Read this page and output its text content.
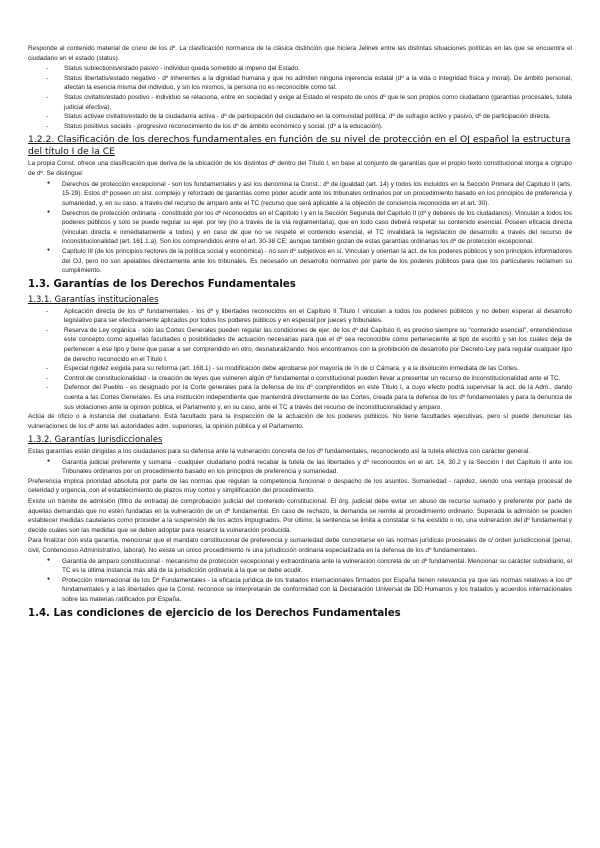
Responde al contenido material de c/uno de los dº. La clasificación normanca de la clásica distinción que hiciera Jelinek entre las distintas situaciones políticas en las que se encuentra el ciudadano en el estado (status).

- Status subiectionis/estado pasivo - individuo queda sometido al imperio del Estado.
- Status libertatis/estado negativo - dº inherentes a la dignidad humana y que no admiten ninguna injerencia estatal (dº a la vida o integridad física y moral). De ámbito personal, afectan la esencia misma del individuo, y sin los mismos, la persona no es reconocible como tal.
- Status civitatis/estado positivo - individuo se relaciona, entre en sociedad y exige al Estado el respeto de unos dº que le son propios como ciudadano (garantías procesales, tutela judicial efectiva).
- Status activae civitatis/estado de la ciudadanía activa - dº de participación del ciudadano en la comunidad política: dº de sufragio activo y pasivo, dº de participación directa.
- Status positivus socialis - progresivo reconocimiento de los dº de ámbito económico y social. (dº a la educación).
1.2.2. Clasificación de los derechos fundamentales en función de su nivel de protección en el OJ español la estructura del título I de la CE

La propia Const. ofrece una clasificación que deriva de la ubicación de los distintos dº dentro del Título I, en base al conjunto de garantías que el propio texto constitucional otorga a c/grupo de dº. Se distingue:

● Derechos de protección excepcional - son los fundamentales y así los denomina la Const.: dº de igualdad (art. 14) y todos los incluidos en la Sección Primera del Capítulo II (arts. 15-29). Estos dº poseen un sist. complejo y reforzado de garantías como poder acudir ante los tribunales ordinarios por un procedimiento basado en los principios de preferencia y sumariedad, y, en su caso, a través del recurso de amparo ante el TC (recurso que será aplicable a la objeción de conciencia reconocida en el art. 30).
● Derechos de protección ordinaria - constituido por los dº reconocidos en el Capítulo I y en la Sección Segunda del Capítulo II (dº y deberes de los ciudadanos). Vinculan a todos los poderes públicos y solo se puede regular su ejer. por ley (no a través de la vía reglamentaria), que en todo caso deberá respetar su contenido esencial. Poseen eficacia directa (vinculan directa e inmediatamente a todos) y en caso de que no se respete el contenido esencial, el TC invalidará la legislación de desarrollo a través del recurso de inconstitucionalidad (art. 161.1.a). Son los comprendidos entre el art. 30-38 CE; aunque también gozan de estas garantías ordinarias los dº de protección excepcional.
● Capítulo III (de los principios rectores de la política social y económica) - no son dº subjetivos en sí. Vinculan y orientan la act. de los poderes públicos y son principios informadores del OJ, pero no son apelables directamente ante los tribunales. Es necesario un desarrollo normativo por parte de los poderes públicos para que los particulares reclamen su cumplimiento.
1.3. Garantías de los Derechos Fundamentales
1.3.1. Garantías institucionales
- Aplicación directa de los dº fundamentales - los dº y libertades reconocidos en el Capítulo II Título I vinculan a todos los poderes públicos y no deben esperar al desarrollo legislativo para ser efectivamente aplicados por todos los poderes públicos y en especial por jueces y tribunales.
- Reserva de Ley orgánica - sólo las Cortes Generales pueden regular las condiciones de ejer. de los dº del Capítulo II, es preciso siempre su "contenido esencial", entendiéndose este concepto como aquellas facultades o posibilidades de actuación necesarias para que el dº sea reconocible como perteneciente al tipo de escrito y sin los cuales deja de pertenecer a ese tipo y tiene que pasar a ser comprendido en otro, desnaturalizando. Nos encontramos con la prohibición de desarrollo por Decreto-Ley para regular cualquier tipo de derecho reconocido en el Título I.
- Especial rigidez exigida para su reforma (art. 168.1) - su modificación debe aprobarse por mayoría de ⅔ de c/ Cámara, y a la disolución inmediata de las Cortes.
- Control de constitucionalidad - la creación de leyes que vulneren algún dº fundamental o constitucional pueden llevar a presentar un recurso de inconstitucionalidad ante el TC.
- Defensor del Pueblo - es designado por la Corte generales para la defensa de los dº comprendidos en este Título I, a cuyo efecto podrá supervisar la act. de la Adm., dando cuenta a las Cortes Generales. Es una institución independiente que mantendrá directamente de las Cortes, creada para la defensa de los dº fundamentales y para la denuncia de sus violaciones ante la opinión pública, el Parlamento y, en su caso, ante el TC a través del recurso de inconstitucionalidad y amparo.

Actúa de oficio o a instancia del ciudadano. Está facultado para la inspección de la actuación de los poderes públicos. No tiene facultades ejecutivas, pero sí puede denunciar las vulneraciones de los dº ante las autoridades adm. superiores, la opinión pública y el Parlamento.

1.3.2. Garantías Jurisdiccionales

Estas garantías están dirigidas a los ciudadanos para su defensa ante la vulneración concreta de los dº fundamentales, reconociendo así la tutela efectiva con carácter general.

● Garantía judicial preferente y sumaria - cualquier ciudadano podrá recabar la tutela de las libertades y dº reconocidos en el art. 14, 30.2 y la Sección I del Capítulo II ante los Tribunales ordinarios por un procedimiento basado en los principios de preferencia y sumariedad.

Preferencia implica prioridad absoluta por parte de las normas que regulan la competencia funcional o despacho de los asuntos. Sumariedad - rapidez, siendo una ventaja procesal de celeridad y urgencia, con el establecimiento de plazos muy cortos y simplificación del procedimiento.

Existe un trámite de admisión (filtro de entrada) de comprobación judicial del contenido constitucional. El órg. judicial debe evitar un abuso de recurso sumario y preferente por parte de aquellas demandas que no estén fundadas en la vulneración de un dº fundamental. En caso de rechazo, la demanda se remite al procedimiento ordinario. Superada la admisión se pueden establecer medidas cautelares como proceder a la suspensión de los actos impugnados. Por último, la sentencia se limita a constatar si ha existido o no, una vulneración del dº fundamental y decide cuáles son las medidas que se deben adoptar para resarcir la vulneración producida.

Para finalizar con esta garantía, mencionar que el mandato constitucional de preferencia y sumariedad debe concretarse en las normas jurídicas procesales de c/ orden jurisdiccional (penal, civil, Contencioso Administrativo, laboral). No existe un único procedimiento ni una jurisdicción ordinaria especializada en la defensa de los dº fundamentales.

● Garantía de amparo constitucional - mecanismo de protección excepcional y extraordinaria ante la vulneración concreta de un dº fundamental. Mencionar su carácter subsidiario, el TC es la última instancia más allá de la jurisdicción ordinaria a la que se debe acudir.
● Protección internacional de los Dº Fundamentales - la eficacia jurídica de los tratados internacionales firmados por España tienen relevancia ya que las normas relativas a los dº fundamentales y a las libertades que la Const. reconoce se interpretarán de conformidad con la Declaración Universal de DD Humanos y los tratados y acuerdos internacionales sobre las materias ratificados por España.
1.4. Las condiciones de ejercicio de los Derechos Fundamentales
